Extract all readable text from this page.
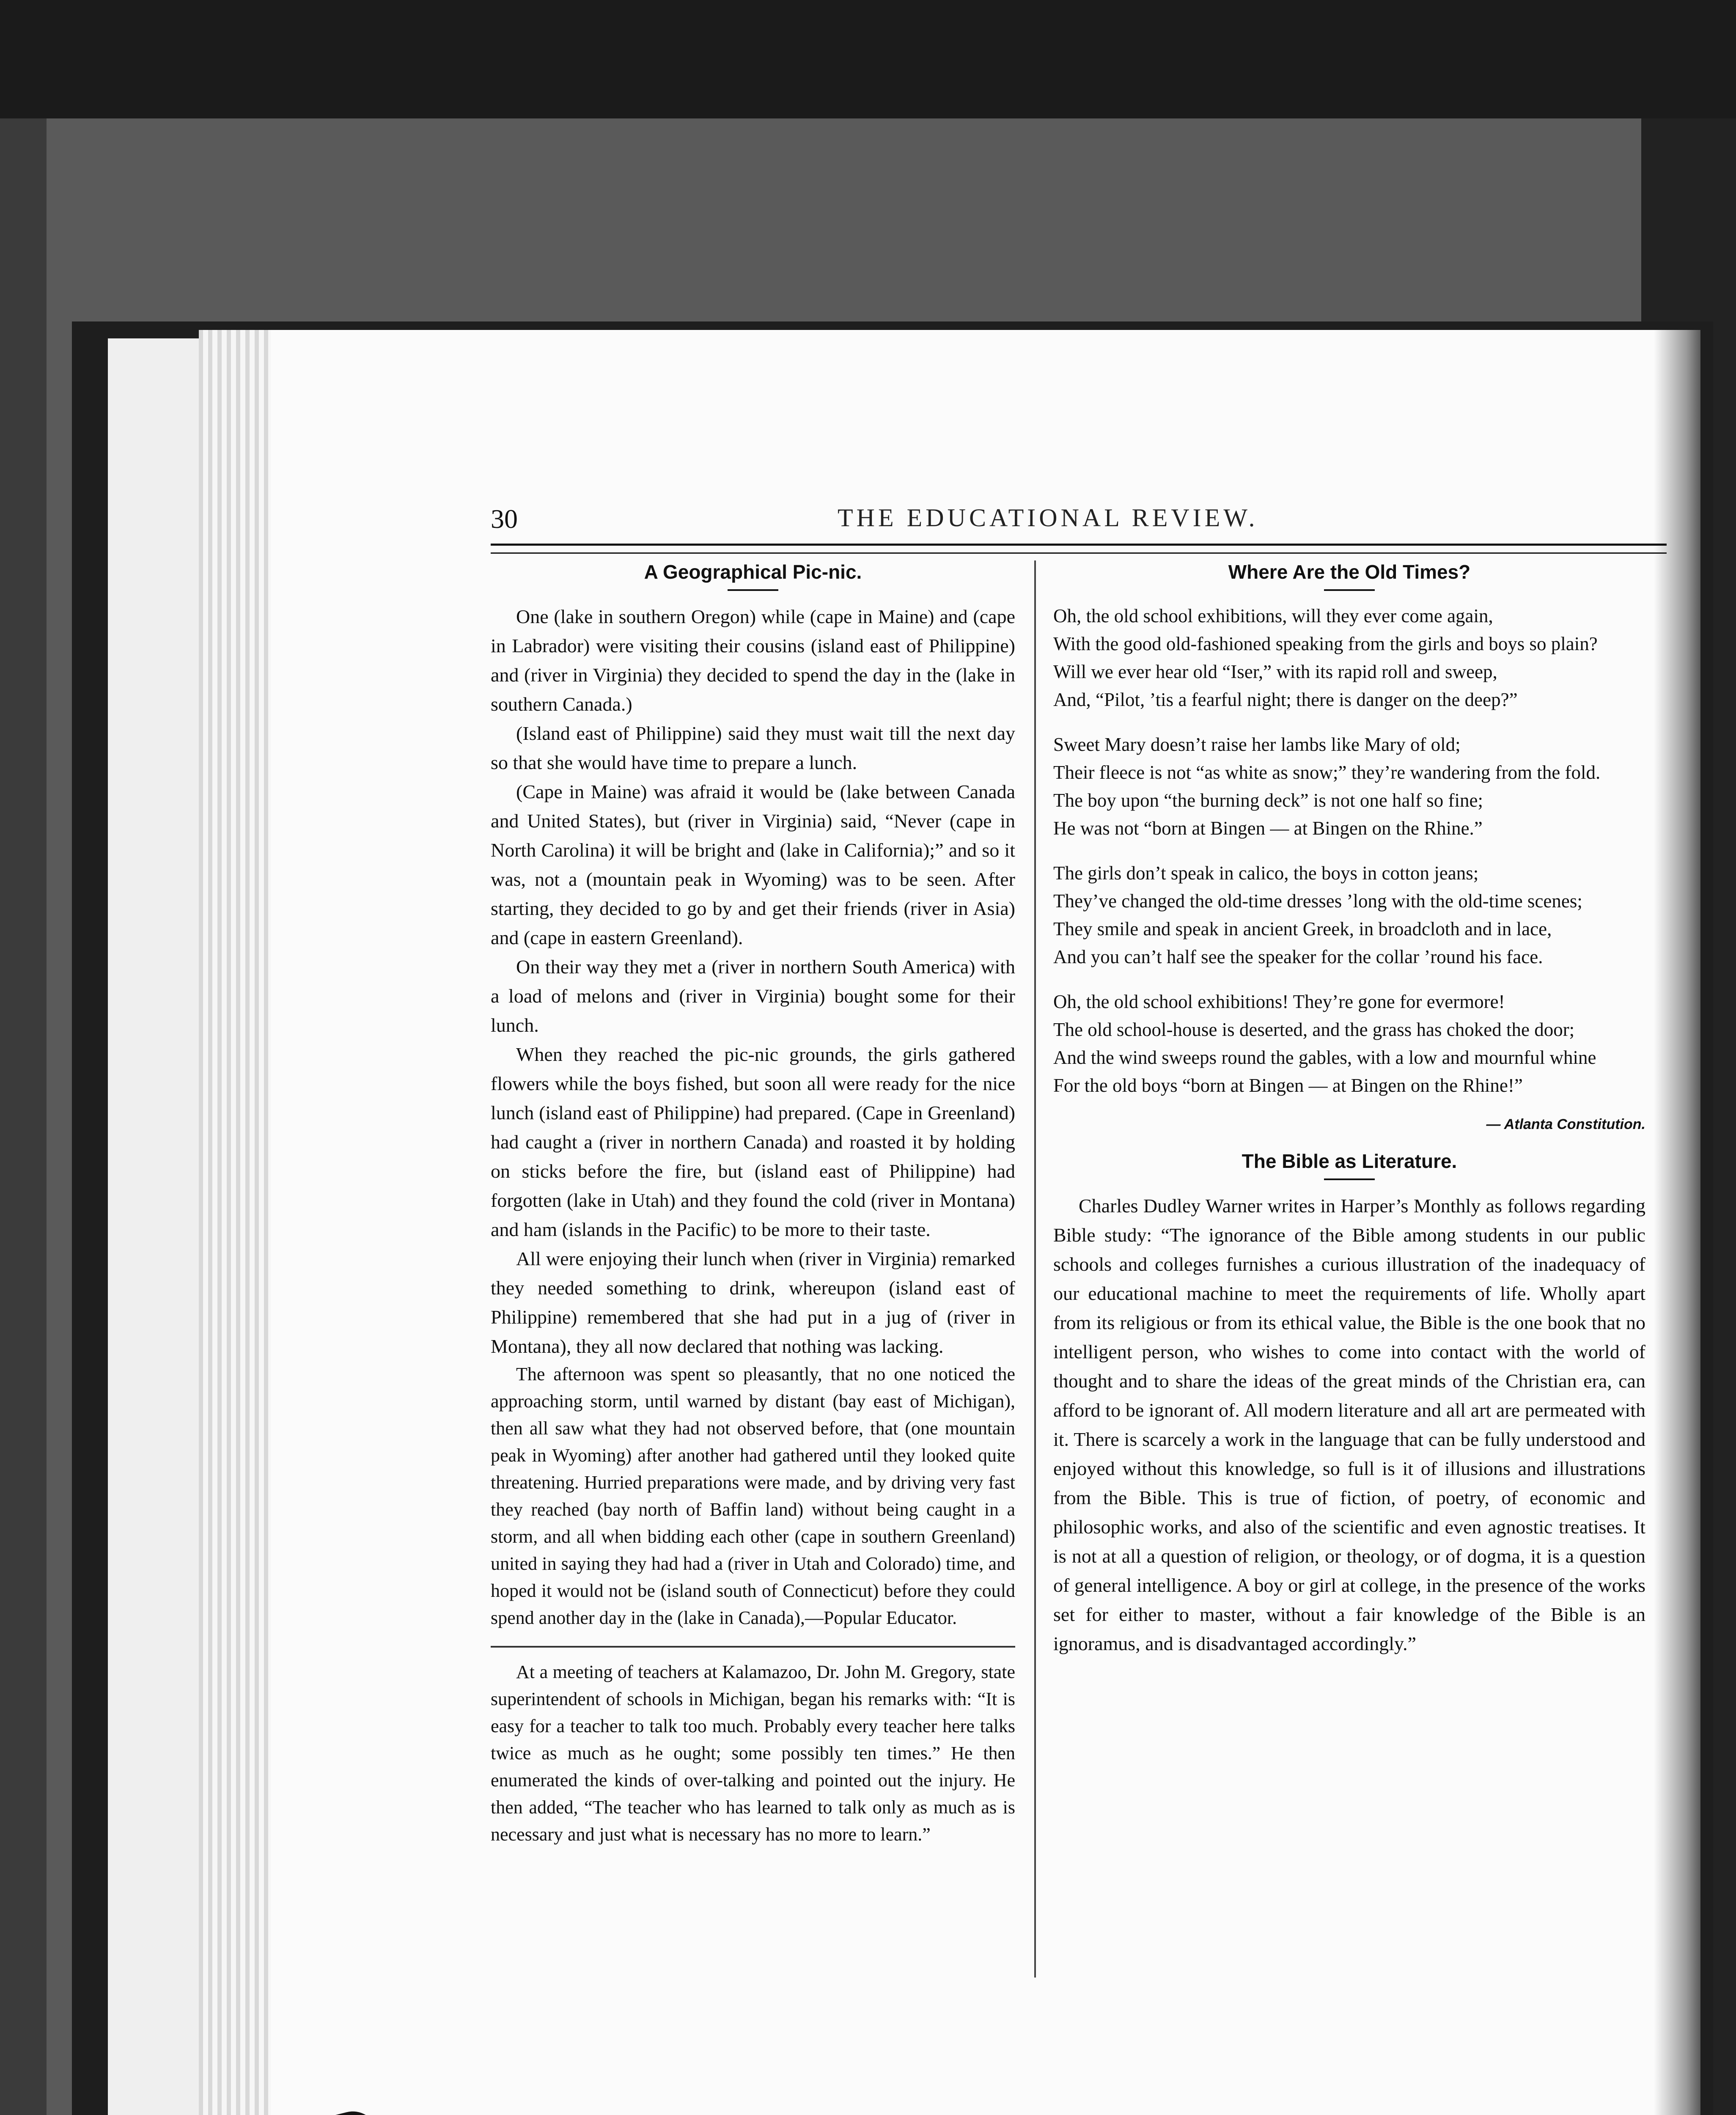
30	THE EDUCATIONAL REVIEW.
A Geographical Pic-nic.

One (lake in southern Oregon) while (cape in Maine) and (cape in Labrador) were visiting their cousins (island east of Philippine) and (river in Virginia) they decided to spend the day in the (lake in southern Canada.)

(Island east of Philippine) said they must wait till the next day so that she would have time to prepare a lunch.

(Cape in Maine) was afraid it would be (lake between Canada and United States), but (river in Virginia) said, “Never (cape in North Carolina) it will be bright and (lake in California);” and so it was, not a (mountain peak in Wyoming) was to be seen. After starting, they decided to go by and get their friends (river in Asia) and (cape in eastern Greenland).

On their way they met a (river in northern South America) with a load of melons and (river in Virginia) bought some for their lunch.

When they reached the pic-nic grounds, the girls gathered flowers while the boys fished, but soon all were ready for the nice lunch (island east of Philippine) had prepared. (Cape in Greenland) had caught a (river in northern Canada) and roasted it by holding on sticks before the fire, but (island east of Philippine) had forgotten (lake in Utah) and they found the cold (river in Montana) and ham (islands in the Pacific) to be more to their taste.

All were enjoying their lunch when (river in Virginia) remarked they needed something to drink, whereupon (island east of Philippine) remembered that she had put in a jug of (river in Montana), they all now declared that nothing was lacking.

The afternoon was spent so pleasantly, that no one noticed the approaching storm, until warned by distant (bay east of Michigan), then all saw what they had not observed before, that (one mountain peak in Wyoming) after another had gathered until they looked quite threatening. Hurried preparations were made, and by driving very fast they reached (bay north of Baffin land) without being caught in a storm, and all when bidding each other (cape in southern Greenland) united in saying they had had a (river in Utah and Colorado) time, and hoped it would not be (island south of Connecticut) before they could spend another day in the (lake in Canada),—Popular Educator.

At a meeting of teachers at Kalamazoo, Dr. John M. Gregory, state superintendent of schools in Michigan, began his remarks with: “It is easy for a teacher to talk too much. Probably every teacher here talks twice as much as he ought; some possibly ten times.” He then enumerated the kinds of over-talking and pointed out the injury. He then added, “The teacher who has learned to talk only as much as is necessary and just what is necessary has no more to learn.”

Where Are the Old Times?
Oh, the old school exhibitions, will they ever come again,
With the good old-fashioned speaking from the girls and boys so plain?
Will we ever hear old “Iser,” with its rapid roll and sweep,
And, “Pilot, ’tis a fearful night; there is danger on the deep?”
Sweet Mary doesn’t raise her lambs like Mary of old;
Their fleece is not “as white as snow;” they’re wandering from the fold.
The boy upon “the burning deck” is not one half so fine;
He was not “born at Bingen — at Bingen on the Rhine.”
The girls don’t speak in calico, the boys in cotton jeans;
They’ve changed the old-time dresses ’long with the old-time scenes;
They smile and speak in ancient Greek, in broadcloth and in lace,
And you can’t half see the speaker for the collar ’round his face.
Oh, the old school exhibitions! They’re gone for evermore!
The old school-house is deserted, and the grass has choked the door;
And the wind sweeps round the gables, with a low and mournful whine
For the old boys “born at Bingen — at Bingen on the Rhine!”
— Atlanta Constitution.
The Bible as Literature.

Charles Dudley Warner writes in Harper’s Monthly as follows regarding Bible study: “The ignorance of the Bible among students in our public schools and colleges furnishes a curious illustration of the inadequacy of our educational machine to meet the requirements of life. Wholly apart from its religious or from its ethical value, the Bible is the one book that no intelligent person, who wishes to come into contact with the world of thought and to share the ideas of the great minds of the Christian era, can afford to be ignorant of. All modern literature and all art are permeated with it. There is scarcely a work in the language that can be fully understood and enjoyed without this knowledge, so full is it of illusions and illustrations from the Bible. This is true of fiction, of poetry, of economic and philosophic works, and also of the scientific and even agnostic treatises. It is not at all a question of religion, or theology, or of dogma, it is a question of general intelligence. A boy or girl at college, in the presence of the works set for either to master, without a fair knowledge of the Bible is an ignoramus, and is disadvantaged accordingly.”
